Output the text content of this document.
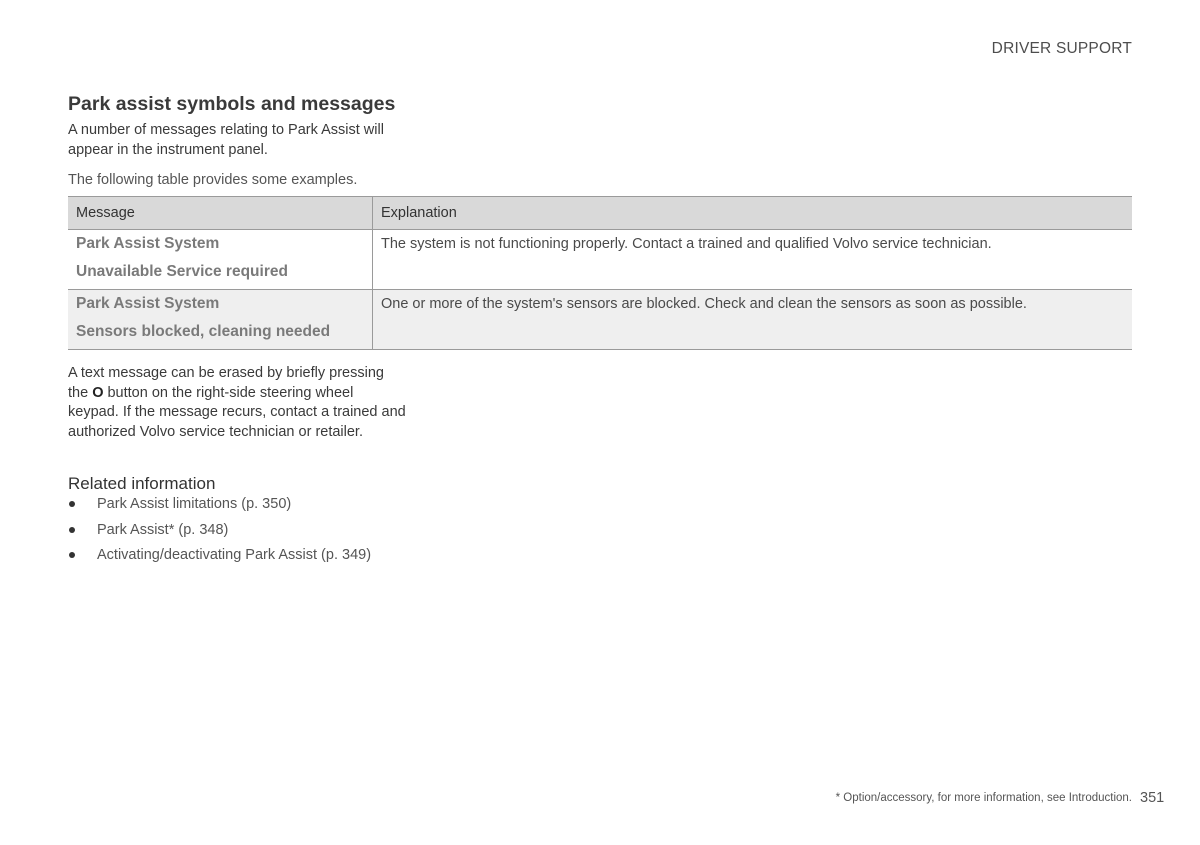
DRIVER SUPPORT
Park assist symbols and messages

A number of messages relating to Park Assist will appear in the instrument panel.

The following table provides some examples.

Message	Explanation

Park Assist System
Unavailable Service required	The system is not functioning properly. Contact a trained and qualified Volvo service technician.

Park Assist System
Sensors blocked, cleaning needed	One or more of the system's sensors are blocked. Check and clean the sensors as soon as possible.

A text message can be erased by briefly pressing the O button on the right-side steering wheel keypad. If the message recurs, contact a trained and authorized Volvo service technician or retailer.

Related information
Park Assist limitations (p. 350)
Park Assist* (p. 348)
Activating/deactivating Park Assist (p. 349)
* Option/accessory, for more information, see Introduction. 351
